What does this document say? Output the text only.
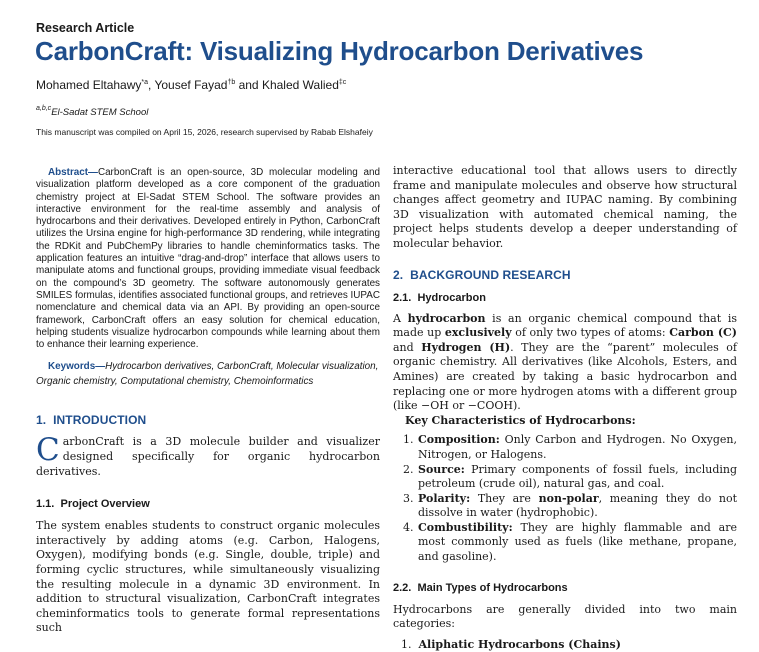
Research Article
CarbonCraft: Visualizing Hydrocarbon Derivatives
Mohamed Eltahawy$^{*a}$, Yousef Fayad$^{\dagger b}$ and Khaled Walied$^{\ddagger c}$
$^{a,b,c}$El-Sadat STEM School
This manuscript was compiled on April 15, 2026, research supervised by Rabab Elshafeiy

Abstract—CarbonCraft is an open-source, 3D molecular modeling and visualization platform developed as a core component of the graduation chemistry project at El-Sadat STEM School. The software provides an interactive environment for the real-time assembly and analysis of hydrocarbons and their derivatives. Developed entirely in Python, CarbonCraft utilizes the Ursina engine for high-performance 3D rendering, while integrating the RDKit and PubChemPy libraries to handle cheminformatics tasks. The application features an intuitive “drag-and-drop” interface that allows users to manipulate atoms and functional groups, providing immediate visual feedback on the compound’s 3D geometry. The software autonomously generates SMILES formulas, identifies associated functional groups, and retrieves IUPAC nomenclature and chemical data via an API. By providing an open-source framework, CarbonCraft offers an easy solution for chemical education, helping students visualize hydrocarbon compounds while learning about them to enhance their learning experience.

Keywords—Hydrocarbon derivatives, CarbonCraft, Molecular visualization, Organic chemistry, Computational chemistry, Chemoinformatics

1. INTRODUCTION

CarbonCraft is a 3D molecule builder and visualizer designed specifically for organic hydrocarbon derivatives.

1.1. Project Overview

The system enables students to construct organic molecules interactively by adding atoms (e.g. Carbon, Halogens, Oxygen), modifying bonds (e.g. Single, double, triple) and forming cyclic structures, while simultaneously visualizing the resulting molecule in a dynamic 3D environment. In addition to structural visualization, CarbonCraft integrates cheminformatics tools to generate formal representations such

interactive educational tool that allows users to directly frame and manipulate molecules and observe how structural changes affect geometry and IUPAC naming. By combining 3D visualization with automated chemical naming, the project helps students develop a deeper understanding of molecular behavior.

2. BACKGROUND RESEARCH
2.1. Hydrocarbon

A hydrocarbon is an organic chemical compound that is made up exclusively of only two types of atoms: Carbon (C) and Hydrogen (H). They are the “parent” molecules of organic chemistry. All derivatives (like Alcohols, Esters, and Amines) are created by taking a basic hydrocarbon and replacing one or more hydrogen atoms with a different group (like −OH or −COOH).

Key Characteristics of Hydrocarbons:
1. Composition: Only Carbon and Hydrogen. No Oxygen, Nitrogen, or Halogens.
2. Source: Primary components of fossil fuels, including petroleum (crude oil), natural gas, and coal.
3. Polarity: They are non-polar, meaning they do not dissolve in water (hydrophobic).
4. Combustibility: They are highly flammable and are most commonly used as fuels (like methane, propane, and gasoline).
2.2. Main Types of Hydrocarbons

Hydrocarbons are generally divided into two main categories:

1. Aliphatic Hydrocarbons (Chains)
